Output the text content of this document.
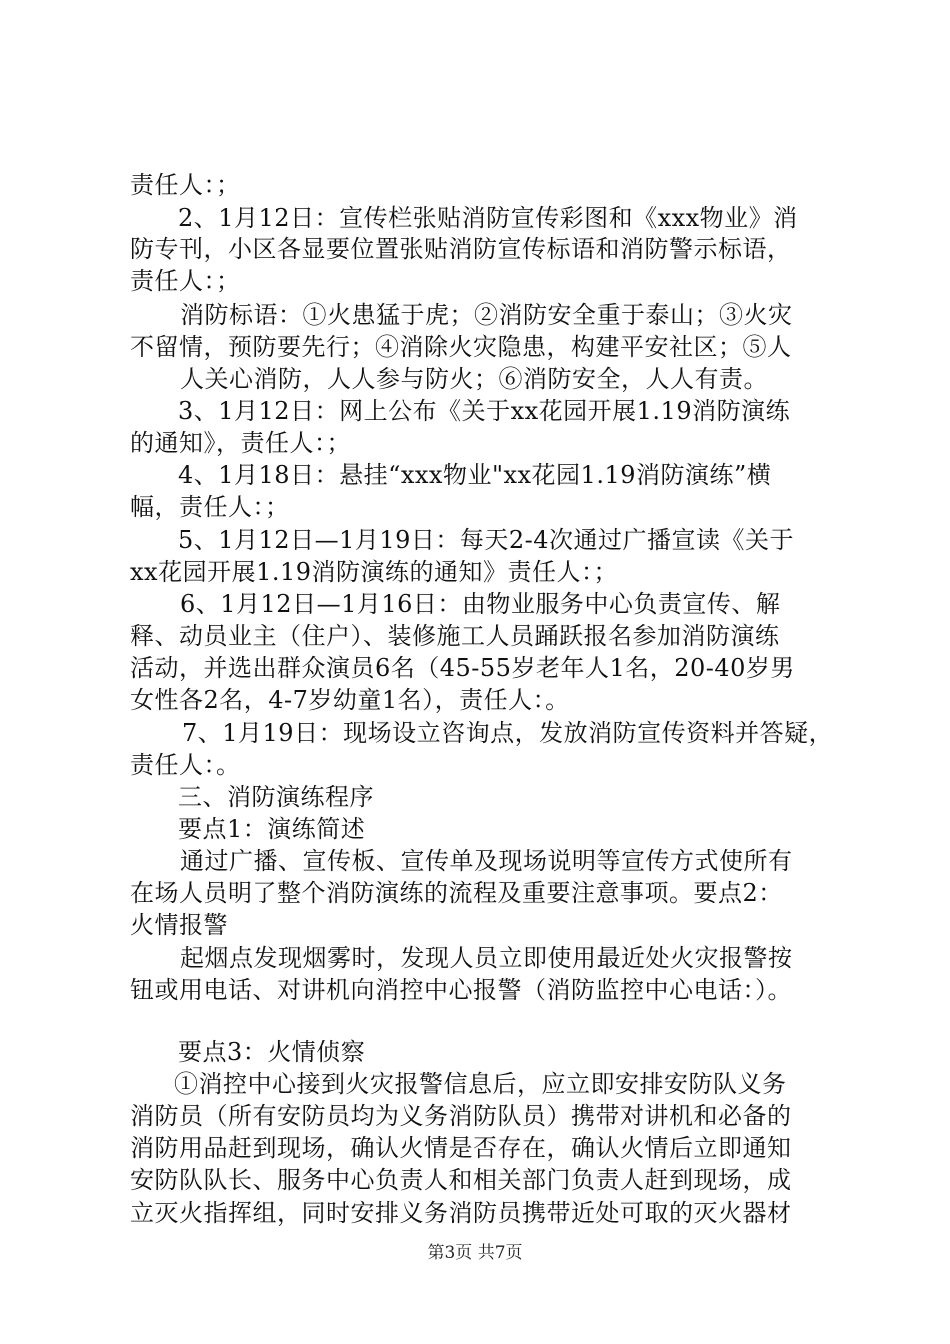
责任人：；
2、1月12日：宣传栏张贴消防宣传彩图和《xxx物业》消
防专刊，小区各显要位置张贴消防宣传标语和消防警示标语，
责任人：；
消防标语：①火患猛于虎；②消防安全重于泰山；③火灾
不留情，预防要先行；④消除火灾隐患，构建平安社区；⑤人
人关心消防，人人参与防火；⑥消防安全，人人有责。
3、1月12日：网上公布《关于xx花园开展1.19消防演练
的通知》，责任人：；
4、1月18日：悬挂“xxx物业"xx花园1.19消防演练”横
幅，责任人：；
5、1月12日—1月19日：每天2-4次通过广播宣读《关于
xx花园开展1.19消防演练的通知》责任人：；
6、1月12日—1月16日：由物业服务中心负责宣传、解
释、动员业主（住户）、装修施工人员踊跃报名参加消防演练
活动，并选出群众演员6名（45-55岁老年人1名，20-40岁男
女性各2名，4-7岁幼童1名），责任人：。
7、1月19日：现场设立咨询点，发放消防宣传资料并答疑，
责任人：。
三、消防演练程序
要点1：演练简述
通过广播、宣传板、宣传单及现场说明等宣传方式使所有
在场人员明了整个消防演练的流程及重要注意事项。要点2：
火情报警
起烟点发现烟雾时，发现人员立即使用最近处火灾报警按
钮或用电话、对讲机向消控中心报警（消防监控中心电话：）。
要点3：火情侦察
①消控中心接到火灾报警信息后，应立即安排安防队义务
消防员（所有安防员均为义务消防队员）携带对讲机和必备的
消防用品赶到现场，确认火情是否存在，确认火情后立即通知
安防队队长、服务中心负责人和相关部门负责人赶到现场，成
立灭火指挥组，同时安排义务消防员携带近处可取的灭火器材
第3页 共7页
